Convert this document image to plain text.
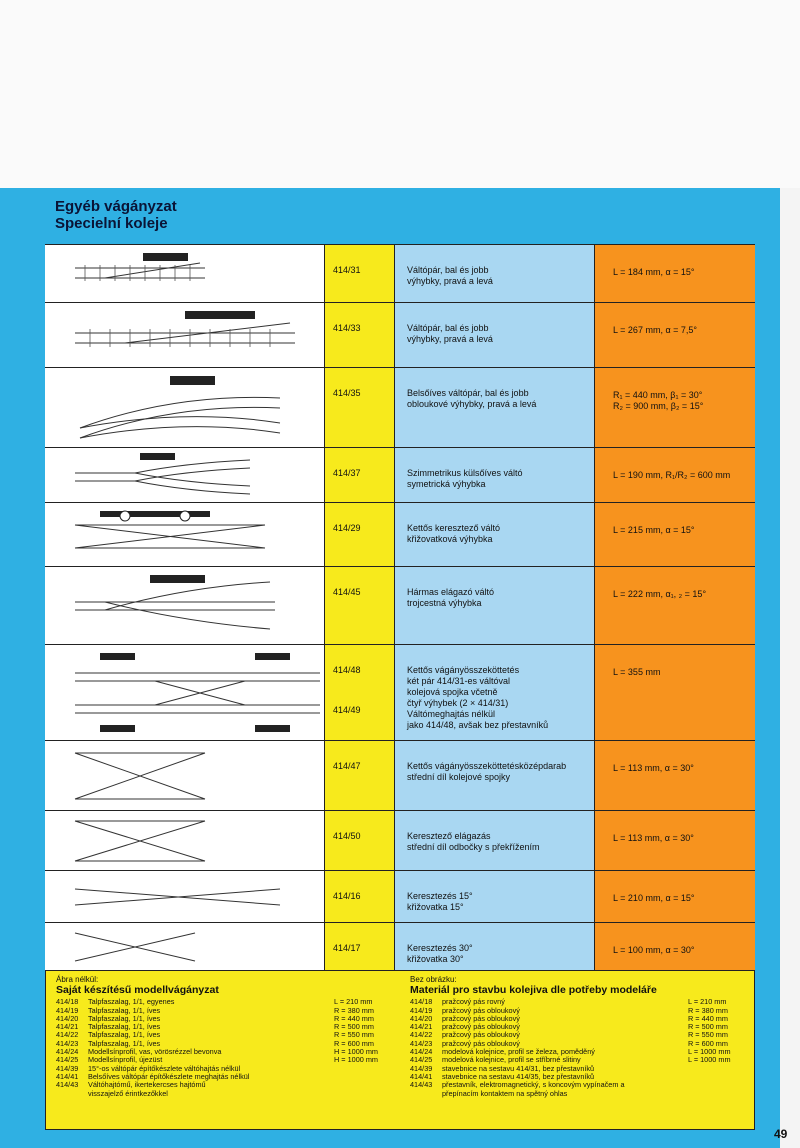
Egyéb vágányzat
Specielní koleje
414/31	Váltópár, bal és jobb
výhybky, pravá a levá
L = 184 mm, α = 15°
414/33	Váltópár, bal és jobb
výhybky, pravá a levá
L = 267 mm, α = 7,5°
414/35	Belsőíves váltópár, bal és jobb
obloukové výhybky, pravá a levá
R₁ = 440 mm, β₁ = 30°
R₂ = 900 mm, β₂ = 15°
414/37	Szimmetrikus külsőíves váltó
symetrická výhybka
L = 190 mm, R₁/R₂ = 600 mm
414/29	Kettős keresztező váltó
křižovatková výhybka
L = 215 mm, α = 15°
414/45	Hármas elágazó váltó
trojcestná výhybka
L = 222 mm, α₁, ₂ = 15°
414/48
414/49
Kettős vágányösszeköttetés
két pár 414/31-es váltóval
kolejová spojka včetně
čtyř výhybek (2 × 414/31)
Váltómeghajtás nélkül
jako 414/48, avšak bez přestavníků
L = 355 mm
414/47	Kettős vágányösszeköttetésközépdarab
střední díl kolejové spojky
L = 113 mm, α = 30°
414/50	Keresztező elágazás
střední díl odbočky s překřížením
L = 113 mm, α = 30°
414/16	Keresztezés 15°
křižovatka 15°
L = 210 mm, α = 15°
414/17	Keresztezés 30°
křižovatka 30°
L = 100 mm, α = 30°
Ábra nélkül:
Saját készítésű modellvágányzat
414/18	Talpfaszalag, 1/1, egyenes	L = 210 mm
414/19	Talpfaszalag, 1/1, íves	R = 380 mm
414/20	Talpfaszalag, 1/1, íves	R = 440 mm
414/21	Talpfaszalag, 1/1, íves	R = 500 mm
414/22	Talpfaszalag, 1/1, íves	R = 550 mm
414/23	Talpfaszalag, 1/1, íves	R = 600 mm
414/24	Modellsínprofil, vas, vörösrézzel bevonva	H = 1000 mm
414/25	Modellsínprofil, újezüst	H = 1000 mm
414/39	15°-os váltópár építőkészlete váltóhajtás nélkül
414/41	Belsőíves váltópár építőkészlete meghajtás nélkül
414/43	Váltóhajtómű, ikertekercses hajtómű
visszajelző érintkezőkkel
Bez obrázku:
Materiál pro stavbu kolejiva dle potřeby modeláře
414/18	pražcový pás rovný	L = 210 mm
414/19	pražcový pás obloukový	R = 380 mm
414/20	pražcový pás obloukový	R = 440 mm
414/21	pražcový pás obloukový	R = 500 mm
414/22	pražcový pás obloukový	R = 550 mm
414/23	pražcový pás obloukový	R = 600 mm
414/24	modelová kolejnice, profil se železa, poměděný	L = 1000 mm
414/25	modelová kolejnice, profil se stříbrné slitiny	L = 1000 mm
414/39	stavebnice na sestavu 414/31, bez přestavníků
414/41	stavebnice na sestavu 414/35, bez přestavníků
414/43	přestavník, elektromagnetický, s koncovým vypínačem a
přepínacím kontaktem na spětný ohlas
49
